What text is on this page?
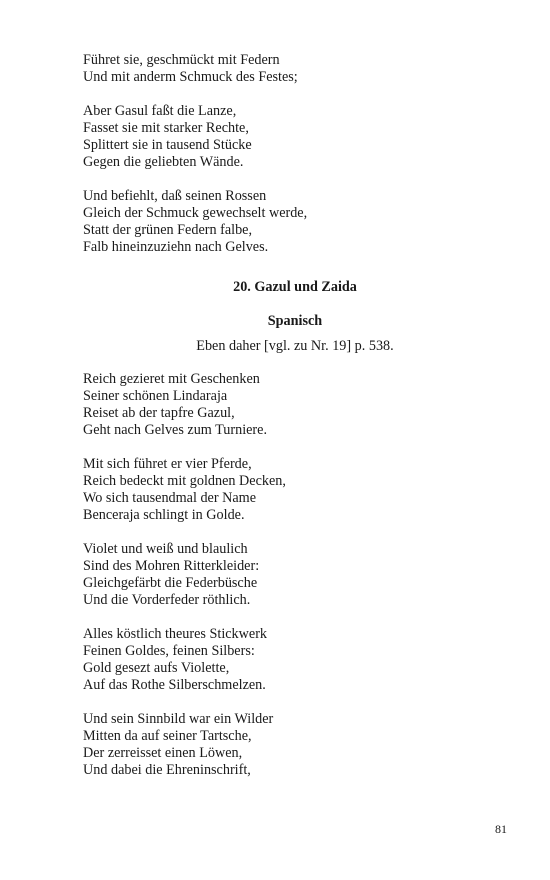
Führet sie, geschmückt mit Federn
Und mit anderm Schmuck des Festes;

Aber Gasul faßt die Lanze,
Fasset sie mit starker Rechte,
Splittert sie in tausend Stücke
Gegen die geliebten Wände.

Und befiehlt, daß seinen Rossen
Gleich der Schmuck gewechselt werde,
Statt der grünen Federn falbe,
Falb hineinzuziehn nach Gelves.

20. Gazul und Zaida
Spanisch
Eben daher [vgl. zu Nr. 19] p. 538.

Reich gezieret mit Geschenken
Seiner schönen Lindaraja
Reiset ab der tapfre Gazul,
Geht nach Gelves zum Turniere.

Mit sich führet er vier Pferde,
Reich bedeckt mit goldnen Decken,
Wo sich tausendmal der Name
Benceraja schlingt in Golde.

Violet und weiß und blaulich
Sind des Mohren Ritterkleider:
Gleichgefärbt die Federbüsche
Und die Vorderfeder röthlich.

Alles köstlich theures Stickwerk
Feinen Goldes, feinen Silbers:
Gold gesezt aufs Violette,
Auf das Rothe Silberschmelzen.

Und sein Sinnbild war ein Wilder
Mitten da auf seiner Tartsche,
Der zerreisset einen Löwen,
Und dabei die Ehreninschrift,

81
